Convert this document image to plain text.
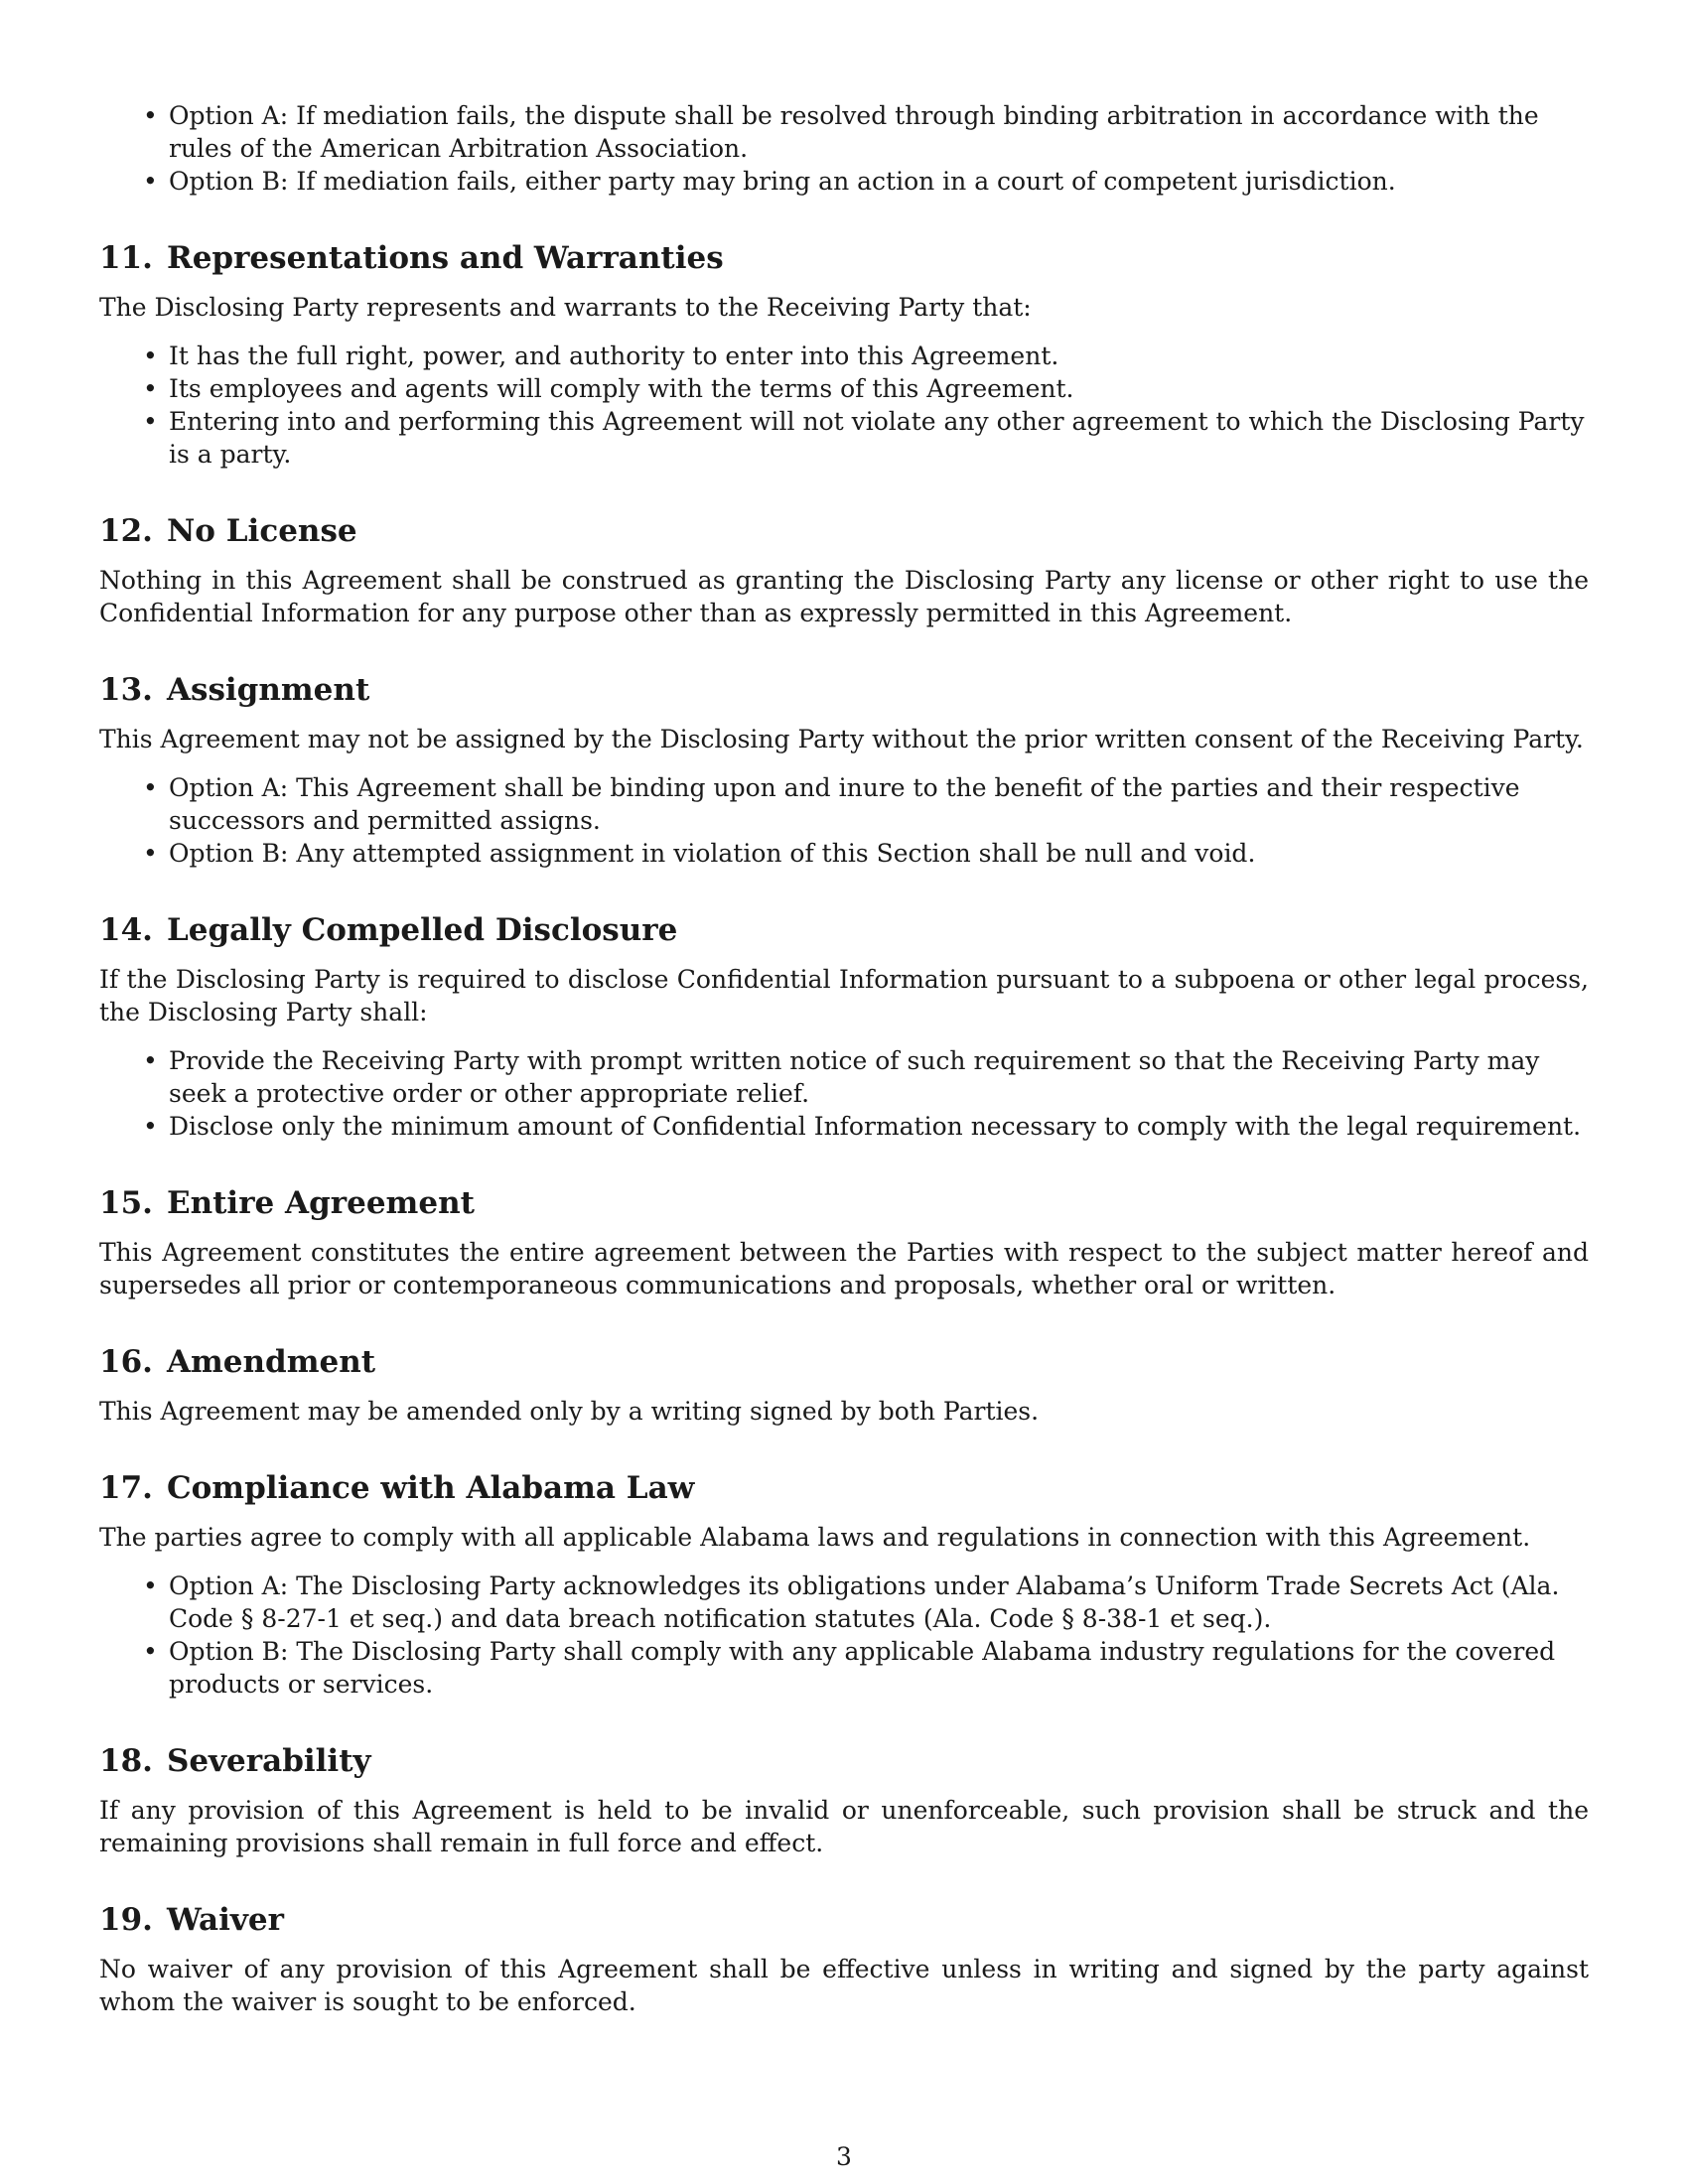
• Option A: If mediation fails, the dispute shall be resolved through binding arbitration in accordance with the rules of the American Arbitration Association.
• Option B: If mediation fails, either party may bring an action in a court of competent jurisdiction.
11. Representations and Warranties

The Disclosing Party represents and warrants to the Receiving Party that:

• It has the full right, power, and authority to enter into this Agreement.
• Its employees and agents will comply with the terms of this Agreement.
• Entering into and performing this Agreement will not violate any other agreement to which the Disclosing Party is a party.
12. No License

Nothing in this Agreement shall be construed as granting the Disclosing Party any license or other right to use the Confidential Information for any purpose other than as expressly permitted in this Agreement.

13. Assignment

This Agreement may not be assigned by the Disclosing Party without the prior written consent of the Receiving Party.

• Option A: This Agreement shall be binding upon and inure to the benefit of the parties and their respective successors and permitted assigns.
• Option B: Any attempted assignment in violation of this Section shall be null and void.
14. Legally Compelled Disclosure

If the Disclosing Party is required to disclose Confidential Information pursuant to a subpoena or other legal process, the Disclosing Party shall:

• Provide the Receiving Party with prompt written notice of such requirement so that the Receiving Party may seek a protective order or other appropriate relief.
• Disclose only the minimum amount of Confidential Information necessary to comply with the legal requirement.
15. Entire Agreement

This Agreement constitutes the entire agreement between the Parties with respect to the subject matter hereof and supersedes all prior or contemporaneous communications and proposals, whether oral or written.

16. Amendment

This Agreement may be amended only by a writing signed by both Parties.

17. Compliance with Alabama Law

The parties agree to comply with all applicable Alabama laws and regulations in connection with this Agreement.

• Option A: The Disclosing Party acknowledges its obligations under Alabama’s Uniform Trade Secrets Act (Ala. Code § 8-27-1 et seq.) and data breach notification statutes (Ala. Code § 8-38-1 et seq.).
• Option B: The Disclosing Party shall comply with any applicable Alabama industry regulations for the covered products or services.
18. Severability

If any provision of this Agreement is held to be invalid or unenforceable, such provision shall be struck and the remaining provisions shall remain in full force and effect.

19. Waiver

No waiver of any provision of this Agreement shall be effective unless in writing and signed by the party against whom the waiver is sought to be enforced.

3
